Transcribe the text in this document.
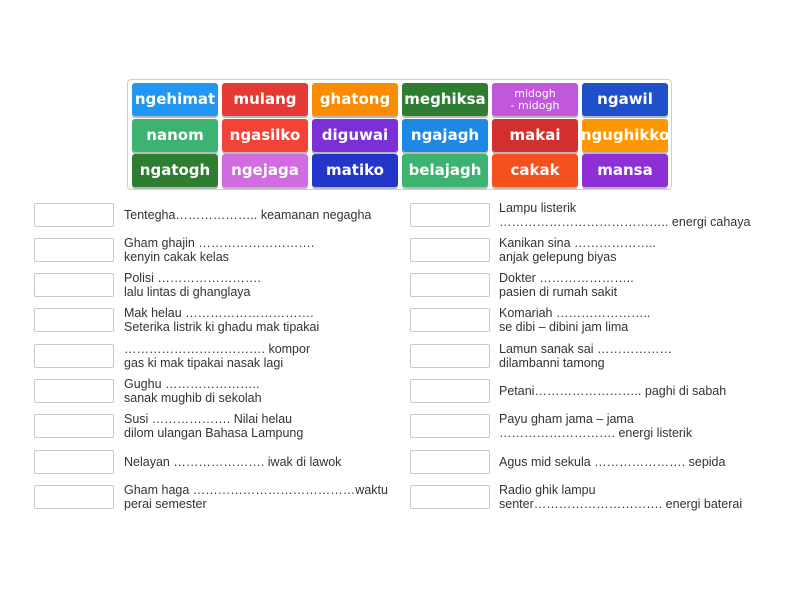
ngehimat mulang ghatong meghiksa	midogh
- midogh	ngawil
nanom ngasilko diguwai ngajagh makai ngughikko
ngatogh ngejaga matiko belajagh cakak	mansa
Tentegha……………….. keamanan negagha
Gham ghajin ……………………….
kenyin cakak kelas
Polisi …………………….
lalu lintas di ghanglaya
Mak helau ………………………….
Seterika listrik ki ghadu mak tipakai
……………………………. kompor
gas ki mak tipakai nasak lagi
Gughu …………………..
sanak mughib di sekolah
Susi ………………. Nilai helau
dilom ulangan Bahasa Lampung
Nelayan …………………. iwak di lawok
Gham haga …………………………………waktu
perai semester
Lampu listerik
………………………………….. energi cahaya
Kanikan sina ………………..
anjak gelepung biyas
Dokter …………………..
pasien di rumah sakit
Komariah …………………..
se dibi – dibini jam lima
Lamun sanak sai ………………
dilambanni tamong
Petani…………………….. paghi di sabah
Payu gham jama – jama
………………………. energi listerik
Agus mid sekula …………………. sepida
Radio ghik lampu
senter…………………………. energi baterai
